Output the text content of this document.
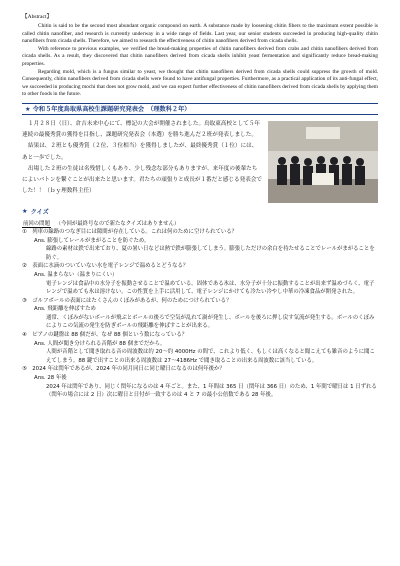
【Abstract】

Chitin is said to be the second most abundant organic compound on earth. A substance made by loosening chitin fibers to the maximum extent possible is called chitin nanofiber, and research is currently underway in a wide range of fields. Last year, our senior students succeeded in producing high-quality chitin nanofibers from cicada shells. Therefore, we aimed to research the effectiveness of chitin nanofibers derived from cicada shells.

With reference to previous examples, we verified the bread-making properties of chitin nanofibers derived from crabs and chitin nanofibers derived from cicada shells. As a result, they discovered that chitin nanofibers derived from cicada shells inhibit yeast fermentation and significantly reduce bread-making properties.

Regarding mold, which is a fungus similar to yeast, we thought that chitin nanofibers derived from cicada shells could suppress the growth of mold. Consequently, chitin nanofibers derived from cicada shells were found to have antifungal properties. Furthermore, as a practical application of its anti-fungal effect, we succeeded in producing mochi that does not grow mold, and we can expect further effectiveness of chitin nanofibers derived from cicada shells by applying them to other foods in the future.

★ 令和５年度鳥取県高校生課題研究発表会　（理数科２年）

１月２８日（日）、倉吉未来中心にて、標記の大会が開催されました。鳥取東高校として５年連続の最優秀賞の獲得を目指し、課題研究発表会（本選）を勝ち進んだ２班が発表しました。

結果は、２班とも優秀賞（２位、３位相当）を獲得しましたが、最終優秀賞（１位）には、あと一歩でした。

出場した２班の生徒は名残惜しくもあり、少し残念な部分もありますが、来年度の後輩たちによいバトンを繋ぐことが出来たと思います。君たちの頑張りと成長が１番だと感じる発表会でした！！（ｂｙ理数科主任）

★ クイズ
前回の問題 （今回が最終号なので新たなクイズはありません）

①　列車の線路のつなぎ目には隙間が存在している。これは何のために空けられている？

Ans. 膨張してレールがまがることを防ぐため。

線路の素材は鉄で出来ており、夏の暑い日などは熱で鉄が膨張してしまう。膨張しただけの余白を持たせることでレールがまがることを防ぐ。

②　表面に水滴のついていない水を電子レンジで温めるとどうなる？

Ans. 温まらない（温まりにくい）

電子レンジは食品中の水分子を振動させることで温めている。固体である氷は、水分子が十分に振動することが出来ず温めづらく、電子レンジで温めても氷は溶けない。この性質を上手に活用して、電子レンジにかけても冷たい冷やし中華の冷凍食品が開発された。

③　ゴルフボールの表面にはたくさんのくぼみがあるが、何のためにつけられている？

Ans. 飛距離を伸ばすため

通常、くぼみがないボールが飛ぶとボールの後ろで空気が乱れて渦が発生し、ボールを後ろに押し戻す気流が発生する。ボールのくぼみによりこの気流の発生を防ぎボールの飛距離を伸ばすことが出来る。

④　ピアノの鍵盤は 88 個だが、なぜ 88 個という数になっている？

Ans. 人間が聞き分けられる音階が 88 個までだから。

人間が音階として聞き取れる音の周波数は約 20～約 4000Hz の間で、これより低く、もしくは高くなると聞こえても雑音のように聞こえてしまう。88 鍵で出すことの出来る周波数は 27～4186Hz で聞き取ることの出来る周波数に該当している。

⑤　2024 年は閏年であるが、2024 年の同月同日に同じ曜日になるのは何年後か？

Ans. 28 年後

2024 年は閏年であり、同じく閏年になるのは 4 年ごと。また、1 年間は 365 日（閏年は 366 日）のため、1 年間で曜日は 1 日ずれる（閏年の場合には 2 日）次に曜日と日付が一致するのは 4 と 7 の最小公倍数である 28 年後。
